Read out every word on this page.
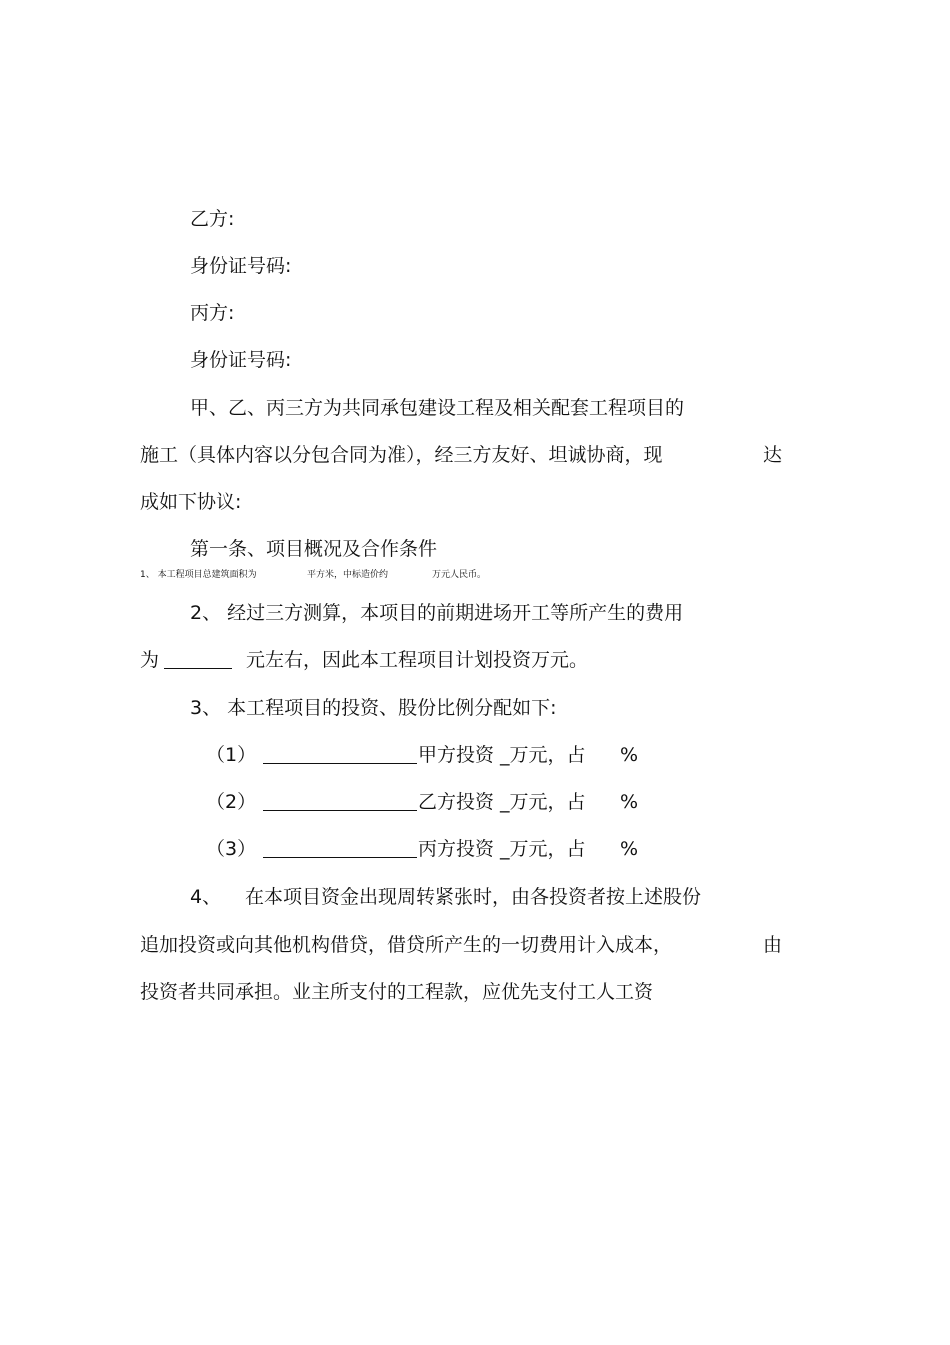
乙方:
身份证号码:
丙方:
身份证号码:
甲、乙、丙三方为共同承包建设工程及相关配套工程项目的
施工（具体内容以分包合同为准），经三方友好、坦诚协商，现	达
成如下协议:
第一条、项目概况及合作条件
1、 本工程项目总建筑面积为	平方米，中标造价约	万元人民币。
2、 经过三方测算，本项目的前期进场开工等所产生的费用
为	元左右，因此本工程项目计划投资万元。
3、 本工程项目的投资、股份比例分配如下:
（1）	甲方投资 _万元，占 %
（2）	乙方投资 _万元，占 %
（3）	丙方投资 _万元，占 %
4、 在本项目资金出现周转紧张时，由各投资者按上述股份
追加投资或向其他机构借贷，借贷所产生的一切费用计入成本，	由
投资者共同承担。业主所支付的工程款，应优先支付工人工资
